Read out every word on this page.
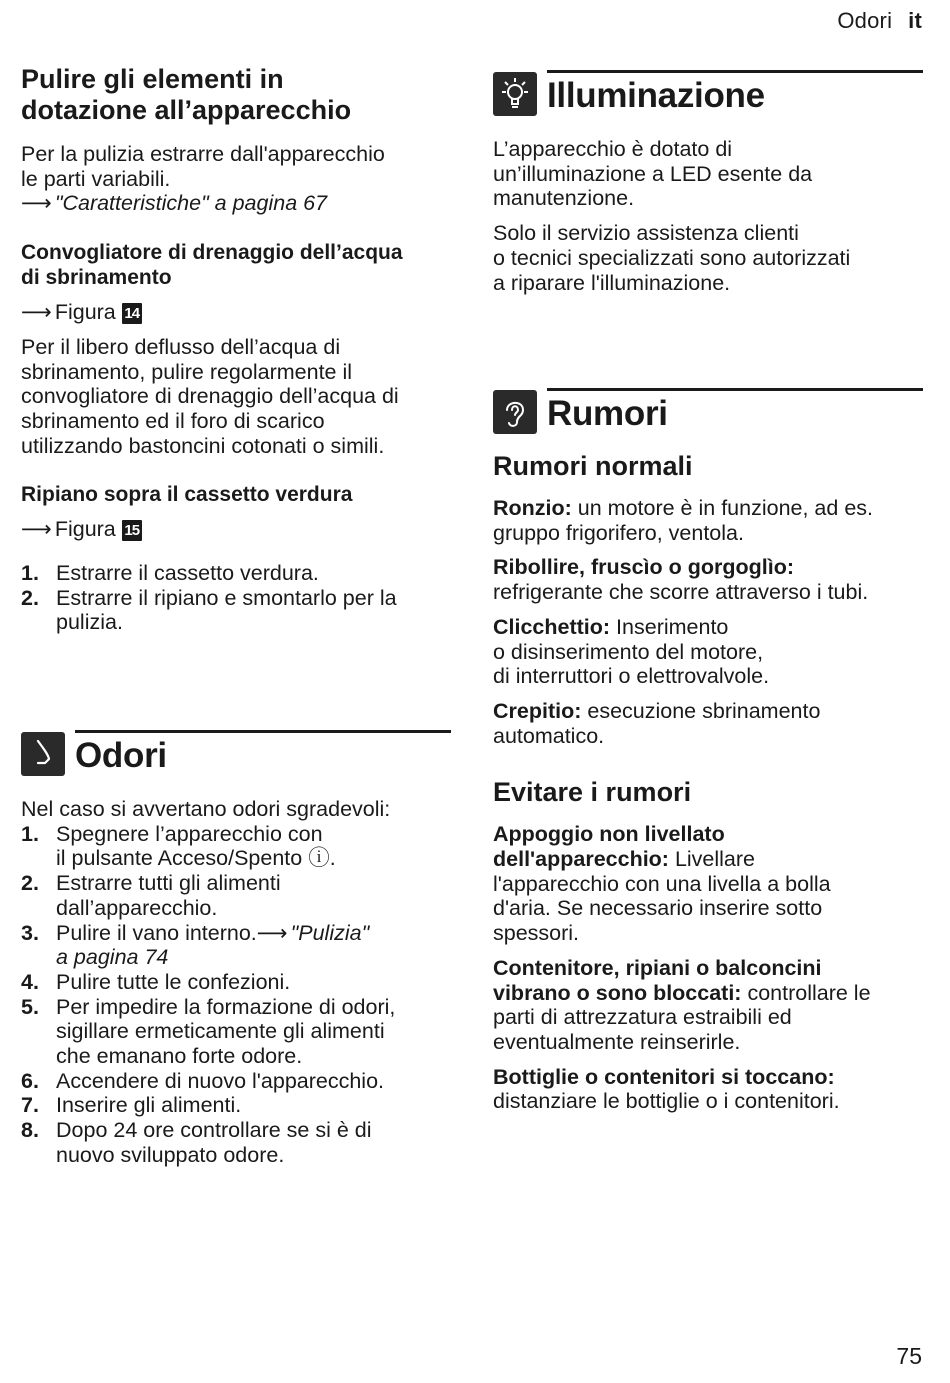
Odori it
Pulire gli elementi in
dotazione all’apparecchio

Per la pulizia estrarre dall'apparecchio

le parti variabili.

⟶ "Caratteristiche" a pagina 67

Convogliatore di drenaggio dell’acqua
di sbrinamento

⟶ Figura 14

Per il libero deflusso dell’acqua di

sbrinamento, pulire regolarmente il

convogliatore di drenaggio dell’acqua di

sbrinamento ed il foro di scarico

utilizzando bastoncini cotonati o simili.

Ripiano sopra il cassetto verdura

⟶ Figura 15

1. Estrarre il cassetto verdura.
2. Estrarre il ripiano e smontarlo per la
pulizia.
Odori

Nel caso si avvertano odori sgradevoli:

1. Spegnere l’apparecchio con
il pulsante Acceso/Spento ⓘ.
2. Estrarre tutti gli alimenti
dall’apparecchio.
3. Pulire il vano interno.⟶ "Pulizia"
a pagina 74
4. Pulire tutte le confezioni.
5. Per impedire la formazione di odori,
sigillare ermeticamente gli alimenti
che emanano forte odore.
6. Accendere di nuovo l'apparecchio.
7. Inserire gli alimenti.
8. Dopo 24 ore controllare se si è di
nuovo sviluppato odore.
Illuminazione

L’apparecchio è dotato di

un’illuminazione a LED esente da

manutenzione.

Solo il servizio assistenza clienti

o tecnici specializzati sono autorizzati

a riparare l'illuminazione.

Rumori
Rumori normali

Ronzio: un motore è in funzione, ad es.

gruppo frigorifero, ventola.

Ribollire, fruscìo o gorgoglìo:

refrigerante che scorre attraverso i tubi.

Clicchettio: Inserimento

o disinserimento del motore,

di interruttori o elettrovalvole.

Crepitio: esecuzione sbrinamento

automatico.

Evitare i rumori

Appoggio non livellato

dell'apparecchio: Livellare

l'apparecchio con una livella a bolla

d'aria. Se necessario inserire sotto

spessori.

Contenitore, ripiani o balconcini

vibrano o sono bloccati: controllare le

parti di attrezzatura estraibili ed

eventualmente reinserirle.

Bottiglie o contenitori si toccano:

distanziare le bottiglie o i contenitori.

75
